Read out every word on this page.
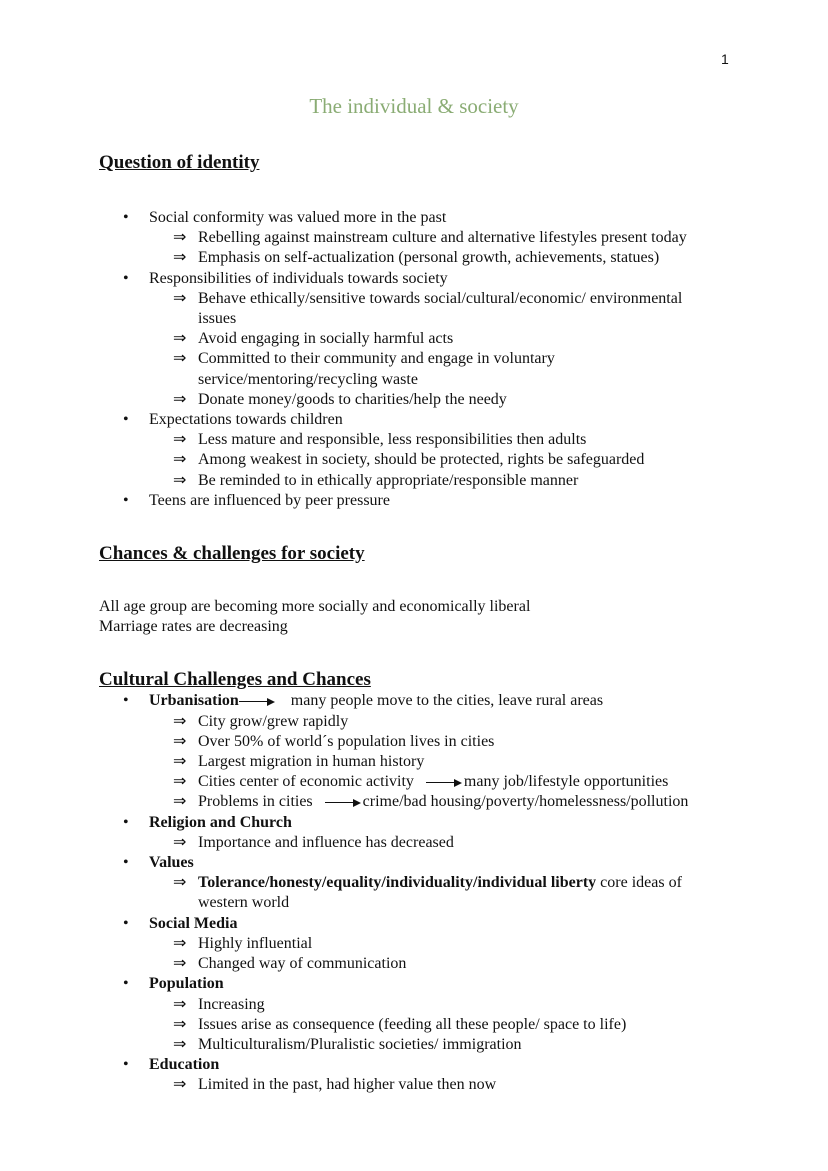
1
The individual & society
Question of identity
• Social conformity was valued more in the past
⇒ Rebelling against mainstream culture and alternative lifestyles present today
⇒ Emphasis on self-actualization (personal growth, achievements, statues)
• Responsibilities of individuals towards society
⇒ Behave ethically/sensitive towards social/cultural/economic/ environmental issues
⇒ Avoid engaging in socially harmful acts
⇒ Committed to their community and engage in voluntary service/mentoring/recycling waste
⇒ Donate money/goods to charities/help the needy
• Expectations towards children
⇒ Less mature and responsible, less responsibilities then adults
⇒ Among weakest in society, should be protected, rights be safeguarded
⇒ Be reminded to in ethically appropriate/responsible manner
• Teens are influenced by peer pressure
Chances & challenges for society
All age group are becoming more socially and economically liberal
Marriage rates are decreasing
Cultural Challenges and Chances
• Urbanisation	many people move to the cities, leave rural areas
⇒ City grow/grew rapidly
⇒ Over 50% of world´s population lives in cities
⇒ Largest migration in human history
⇒ Cities center of economic activity	many job/lifestyle opportunities
⇒ Problems in cities	crime/bad housing/poverty/homelessness/pollution
• Religion and Church
⇒ Importance and influence has decreased
• Values
⇒ Tolerance/honesty/equality/individuality/individual liberty core ideas of western world
• Social Media
⇒ Highly influential
⇒ Changed way of communication
• Population
⇒ Increasing
⇒ Issues arise as consequence (feeding all these people/ space to life)
⇒ Multiculturalism/Pluralistic societies/ immigration
• Education
⇒ Limited in the past, had higher value then now
